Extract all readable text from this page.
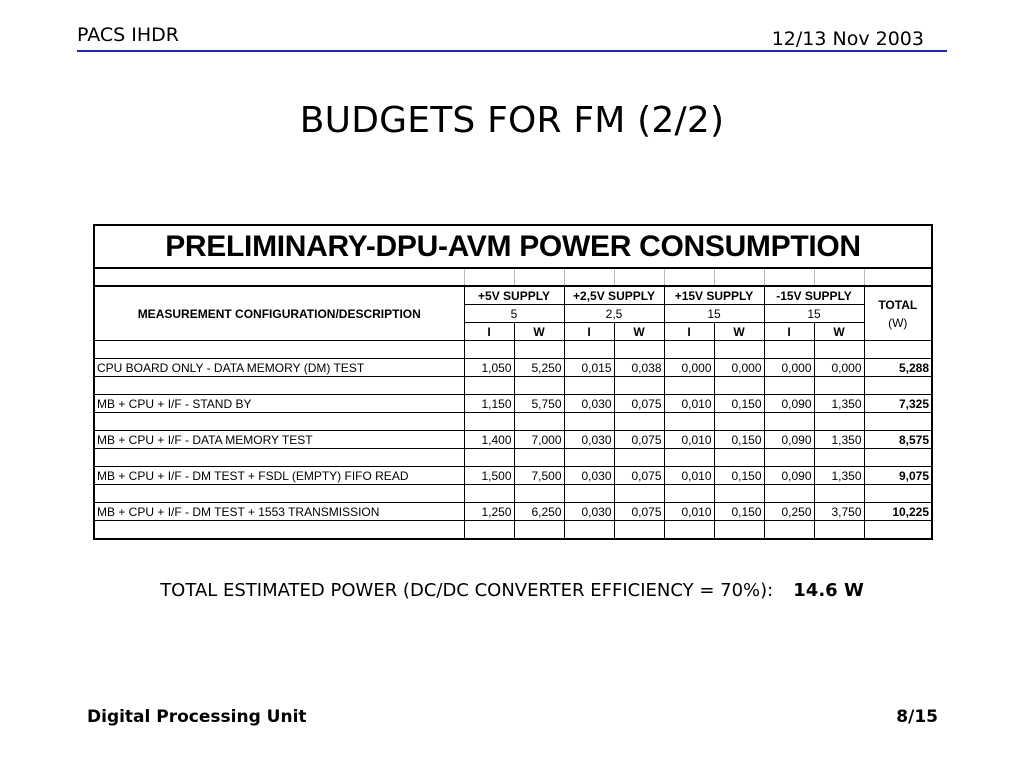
PACS IHDR	12/13 Nov 2003
BUDGETS FOR FM (2/2)
PRELIMINARY-DPU-AVM POWER CONSUMPTION									

MEASUREMENT CONFIGURATION/DESCRIPTION	+5V SUPPLY		+2,5V SUPPLY		+15V SUPPLY		-15V SUPPLY		TOTAL
(W)

	5		2,5		15		15		
	I	W	I	W	I	W	I	W	

CPU BOARD ONLY - DATA MEMORY (DM) TEST	1,050	5,250	0,015	0,038	0,000	0,000	0,000	0,000	5,288

MB + CPU + I/F - STAND BY	1,150	5,750	0,030	0,075	0,010	0,150	0,090	1,350	7,325

MB + CPU + I/F - DATA MEMORY TEST	1,400	7,000	0,030	0,075	0,010	0,150	0,090	1,350	8,575

MB + CPU + I/F - DM TEST + FSDL (EMPTY) FIFO READ	1,500	7,500	0,030	0,075	0,010	0,150	0,090	1,350	9,075

MB + CPU + I/F - DM TEST + 1553 TRANSMISSION	1,250	6,250	0,030	0,075	0,010	0,150	0,250	3,750	10,225

TOTAL ESTIMATED POWER (DC/DC CONVERTER EFFICIENCY = 70%): 14.6 W
Digital Processing Unit	8/15
